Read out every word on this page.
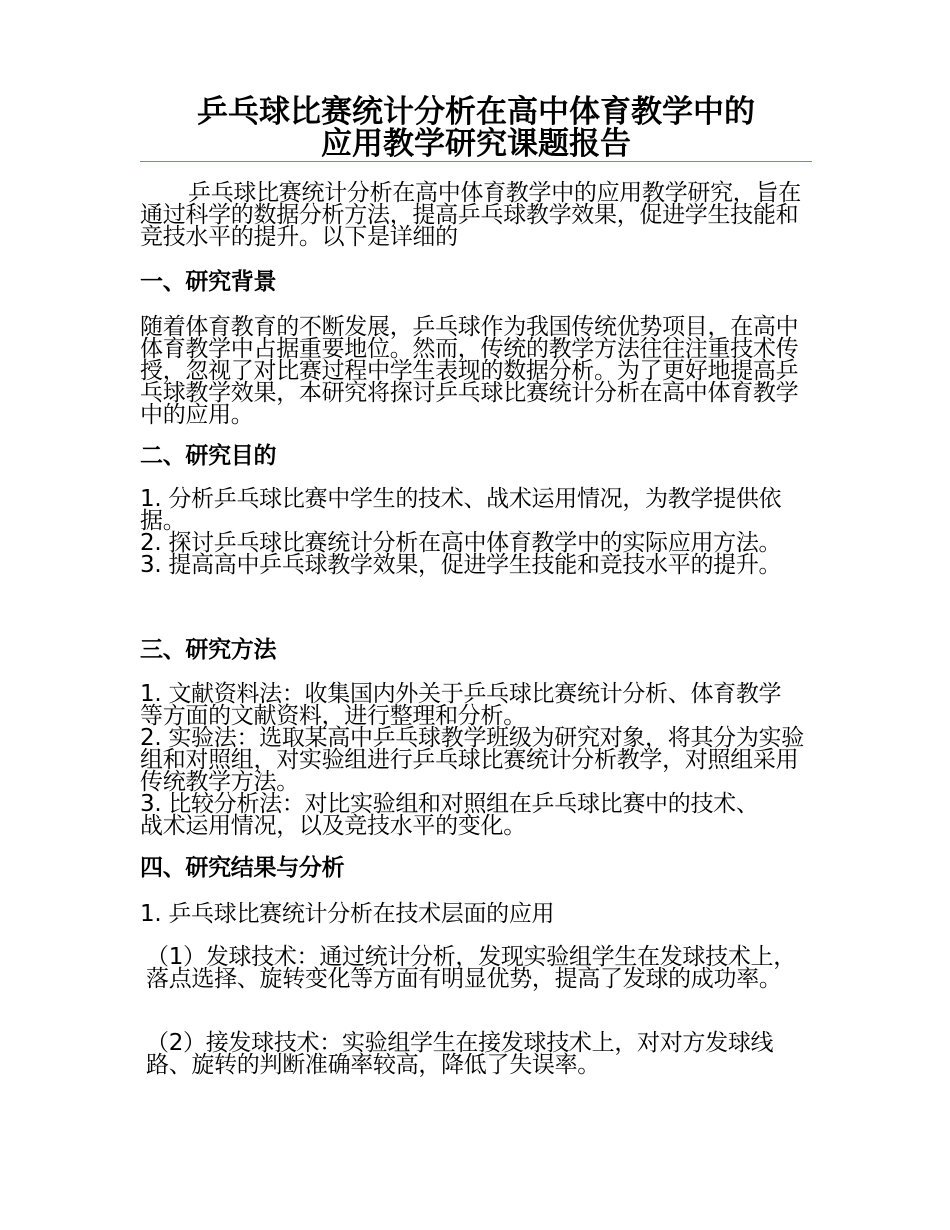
乒乓球比赛统计分析在高中体育教学中的
应用教学研究课题报告

乒乓球比赛统计分析在高中体育教学中的应用教学研究，旨在通过科学的数据分析方法，提高乒乓球教学效果，促进学生技能和竞技水平的提升。以下是详细的

一、研究背景

随着体育教育的不断发展，乒乓球作为我国传统优势项目，在高中体育教学中占据重要地位。然而，传统的教学方法往往注重技术传授，忽视了对比赛过程中学生表现的数据分析。为了更好地提高乒乓球教学效果，本研究将探讨乒乓球比赛统计分析在高中体育教学中的应用。

二、研究目的

1. 分析乒乓球比赛中学生的技术、战术运用情况，为教学提供依据。

2. 探讨乒乓球比赛统计分析在高中体育教学中的实际应用方法。

3. 提高高中乒乓球教学效果，促进学生技能和竞技水平的提升。

三、研究方法

1. 文献资料法：收集国内外关于乒乓球比赛统计分析、体育教学等方面的文献资料，进行整理和分析。

2. 实验法：选取某高中乒乓球教学班级为研究对象，将其分为实验组和对照组，对实验组进行乒乓球比赛统计分析教学，对照组采用传统教学方法。

3. 比较分析法：对比实验组和对照组在乒乓球比赛中的技术、战术运用情况，以及竞技水平的变化。

四、研究结果与分析

1. 乒乓球比赛统计分析在技术层面的应用

（1）发球技术：通过统计分析，发现实验组学生在发球技术上，落点选择、旋转变化等方面有明显优势，提高了发球的成功率。

（2）接发球技术：实验组学生在接发球技术上，对对方发球线路、旋转的判断准确率较高，降低了失误率。
